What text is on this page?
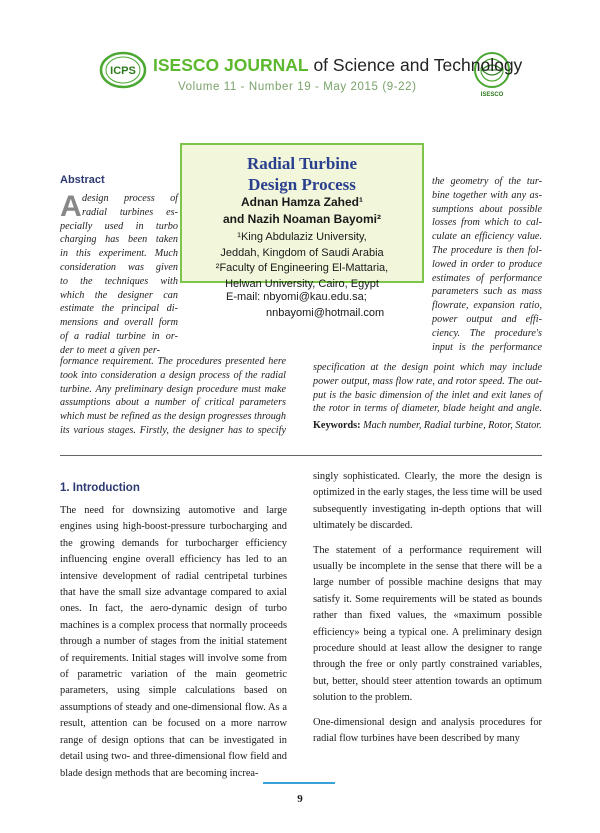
ICPS
ISESCO
ISESCO JOURNAL of Science and Technology
Volume 11 - Number 19 - May 2015 (9-22)
Abstract
A design process of

radial turbines es-

pecially used in turbo

charging has been taken

in this experiment. Much

consideration was given

to the techniques with

which the designer can

estimate the principal di-

mensions and overall form

of a radial turbine in or-

der to meet a given per-

the geometry of the tur-

bine together with any as-

sumptions about possible

losses from which to cal-

culate an efficiency value.

The procedure is then fol-

lowed in order to produce

estimates of performance

parameters such as mass

flowrate, expansion ratio,

power output and effi-

ciency. The procedure's

input is the performance

formance requirement. The procedures presented here

took into consideration a design process of the radial

turbine. Any preliminary design procedure must make

assumptions about a number of critical parameters

which must be refined as the design progresses through

its various stages. Firstly, the designer has to specify

specification at the design point which may include

power output, mass flow rate, and rotor speed. The out-

put is the basic dimension of the inlet and exit lanes of

the rotor in terms of diameter, blade height and angle.

Keywords: Mach number, Radial turbine, Rotor, Stator.
Radial Turbine
Design Process
Adnan Hamza Zahed¹
and Nazih Noaman Bayomi²

¹King Abdulaziz University,

Jeddah, Kingdom of Saudi Arabia

²Faculty of Engineering El-Mattaria,

Helwan University, Cairo, Egypt

E-mail: nbyomi@kau.edu.sa;

nnbayomi@hotmail.com

1. Introduction

The need for downsizing automotive and large engines using high-boost-pressure turbocharging and the growing demands for turbocharger efficiency influencing engine overall efficiency has led to an intensive development of radial centripetal turbines that have the small size advantage compared to axial ones. In fact, the aero-dynamic design of turbo machines is a complex process that normally proceeds through a number of stages from the initial statement of requirements. Initial stages will involve some from of parametric variation of the main geometric parameters, using simple calculations based on assumptions of steady and one-dimensional flow. As a result, attention can be focused on a more narrow range of design options that can be investigated in detail using two- and three-dimensional flow field and blade design methods that are becoming increa-

singly sophisticated. Clearly, the more the design is optimized in the early stages, the less time will be used subsequently investigating in-depth options that will ultimately be discarded.

The statement of a performance requirement will usually be incomplete in the sense that there will be a large number of possible machine designs that may satisfy it. Some requirements will be stated as bounds rather than fixed values, the «maximum possible efficiency» being a typical one. A preliminary design procedure should at least allow the designer to range through the free or only partly constrained variables, but, better, should steer attention towards an optimum solution to the problem.

One-dimensional design and analysis procedures for radial flow turbines have been described by many

9
